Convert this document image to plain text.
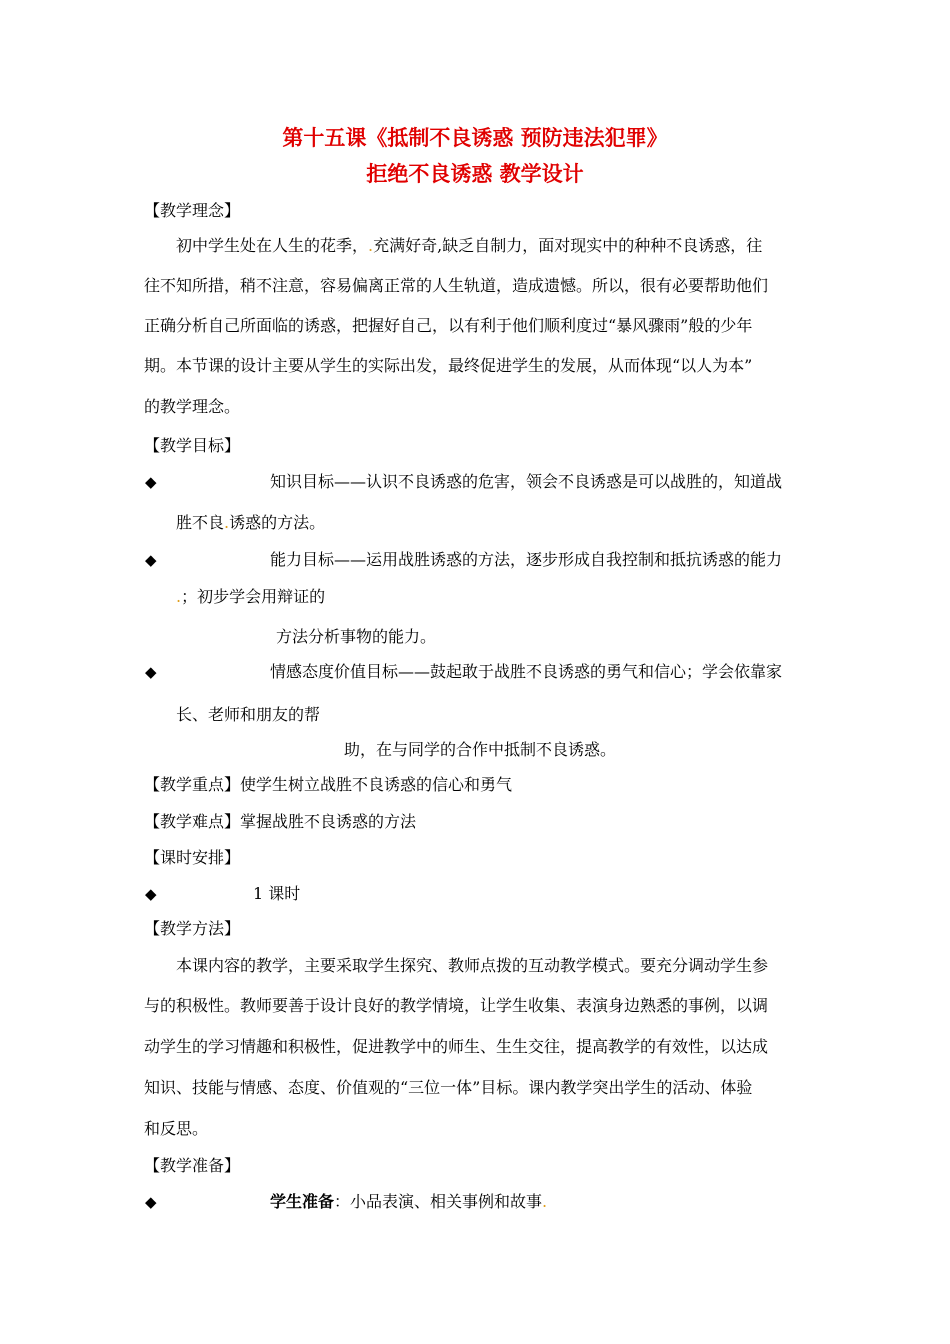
第十五课《抵制不良诱惑 预防违法犯罪》
拒绝不良诱惑 教学设计
【教学理念】
初中学生处在人生的花季，.充满好奇,缺乏自制力，面对现实中的种种不良诱惑，往
往不知所措，稍不注意，容易偏离正常的人生轨道，造成遗憾。所以，很有必要帮助他们
正确分析自己所面临的诱惑，把握好自己，以有利于他们顺利度过“暴风骤雨”般的少年
期。本节课的设计主要从学生的实际出发，最终促进学生的发展，从而体现“以人为本”
的教学理念。
【教学目标】
◆	知识目标——认识不良诱惑的危害，领会不良诱惑是可以战胜的，知道战
胜不良.诱惑的方法。
◆	能力目标——运用战胜诱惑的方法，逐步形成自我控制和抵抗诱惑的能力
.；初步学会用辩证的
方法分析事物的能力。
◆	情感态度价值目标——鼓起敢于战胜不良诱惑的勇气和信心；学会依靠家
长、老师和朋友的帮
助，在与同学的合作中抵制不良诱惑。
【教学重点】使学生树立战胜不良诱惑的信心和勇气
【教学难点】掌握战胜不良诱惑的方法
【课时安排】
◆	1 课时
【教学方法】
本课内容的教学，主要采取学生探究、教师点拨的互动教学模式。要充分调动学生参
与的积极性。教师要善于设计良好的教学情境，让学生收集、表演身边熟悉的事例，以调
动学生的学习情趣和积极性，促进教学中的师生、生生交往，提高教学的有效性，以达成
知识、技能与情感、态度、价值观的“三位一体”目标。课内教学突出学生的活动、体验
和反思。
【教学准备】
◆	学生准备：小品表演、相关事例和故事.
